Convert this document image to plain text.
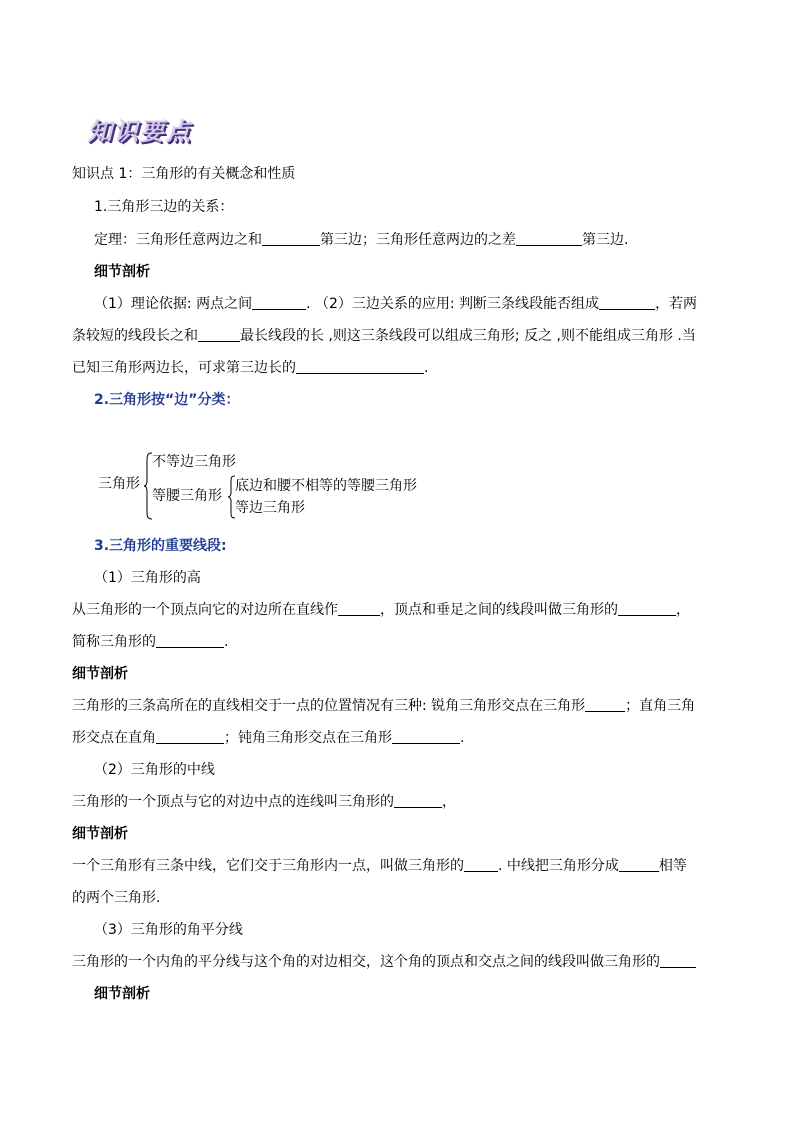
知识要点
知识点 1：三角形的有关概念和性质
1.三角形三边的关系：
定理：三角形任意两边之和	第三边；三角形任意两边的之差	第三边.
细节剖析
（1）理论依据: 两点之间	. （2）三边关系的应用: 判断三条线段能否组成	，若两
条较短的线段长之和	最长线段的长 ,则这三条线段可以组成三角形; 反之 ,则不能组成三角形 .当
已知三角形两边长，可求第三边长的	.
2.三角形按“边”分类：
三角形
不等边三角形
等腰三角形
底边和腰不相等的等腰三角形
等边三角形
3.三角形的重要线段:
（1）三角形的高
从三角形的一个顶点向它的对边所在直线作	，顶点和垂足之间的线段叫做三角形的	，
简称三角形的	.
细节剖析
三角形的三条高所在的直线相交于一点的位置情况有三种: 锐角三角形交点在三角形	；直角三角
形交点在直角	；钝角三角形交点在三角形	.
（2）三角形的中线
三角形的一个顶点与它的对边中点的连线叫三角形的	，
细节剖析
一个三角形有三条中线，它们交于三角形内一点，叫做三角形的 . 中线把三角形分成	相等
的两个三角形.
（3）三角形的角平分线
三角形的一个内角的平分线与这个角的对边相交，这个角的顶点和交点之间的线段叫做三角形的
细节剖析
